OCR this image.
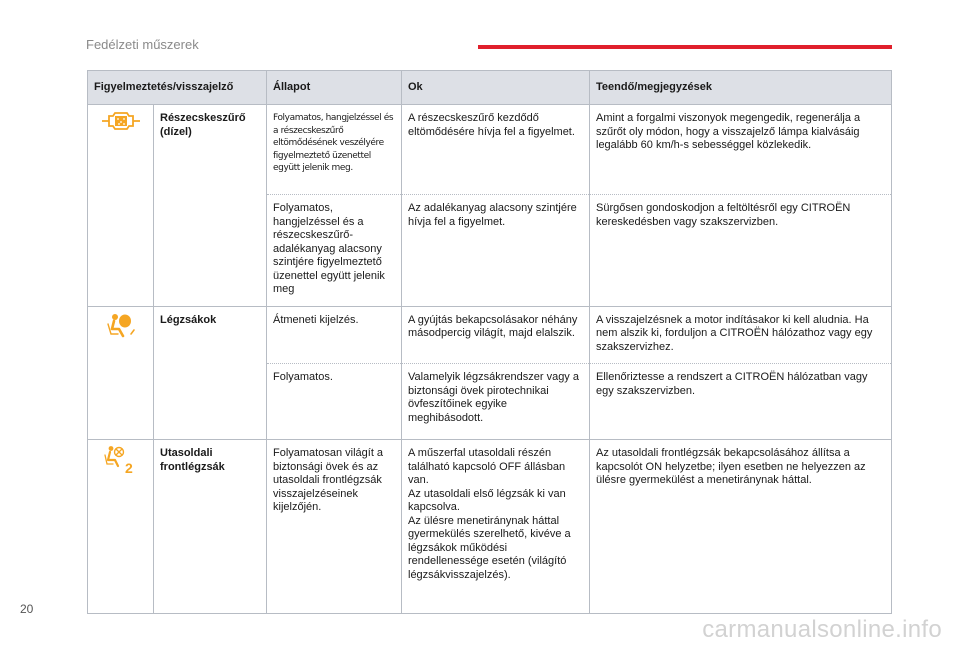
Fedélzeti műszerek
Figyelmeztetés/visszajelző		Állapot	Ok	Teendő/megjegyzések

	Részecskeszűrő (dízel)	Folyamatos, hangjelzéssel és a részecskeszűrő eltömődésének veszélyére figyelmeztető üzenettel együtt jelenik meg.	A részecskeszűrő kezdődő eltömődésére hívja fel a figyelmet.	Amint a forgalmi viszonyok megengedik, regenerálja a szűrőt oly módon, hogy a visszajelző lámpa kialvásáig legalább 60 km/h-s sebességgel közlekedik.
		Folyamatos, hangjelzéssel és a részecskeszűrő-adalékanyag alacsony szintjére figyelmeztető üzenettel együtt jelenik meg	Az adalékanyag alacsony szintjére hívja fel a figyelmet.	Sürgősen gondoskodjon a feltöltésről egy CITROËN kereskedésben vagy szakszervizben.

	Légzsákok	Átmeneti kijelzés.	A gyújtás bekapcsolásakor néhány másodpercig világít, majd elalszik.	A visszajelzésnek a motor indításakor ki kell aludnia. Ha nem alszik ki, forduljon a CITROËN hálózathoz vagy egy szakszervizhez.
		Folyamatos.	Valamelyik légzsákrendszer vagy a biztonsági övek pirotechnikai övfeszítőinek egyike meghibásodott.	Ellenőriztesse a rendszert a CITROËN hálózatban vagy egy szakszervizben.

2	Utasoldali frontlégzsák	Folyamatosan világít a biztonsági övek és az utasoldali frontlégzsák visszajelzéseinek kijelzőjén.	A műszerfal utasoldali részén található kapcsoló OFF állásban van.
Az utasoldali első légzsák ki van kapcsolva.
Az ülésre menetiránynak háttal gyermekülés szerelhető, kivéve a légzsákok működési rendellenessége esetén (világító légzsákvisszajelzés).	Az utasoldali frontlégzsák bekapcsolásához állítsa a kapcsolót ON helyzetbe; ilyen esetben ne helyezzen az ülésre gyermekülést a menetiránynak háttal.
20
carmanualsonline.info
